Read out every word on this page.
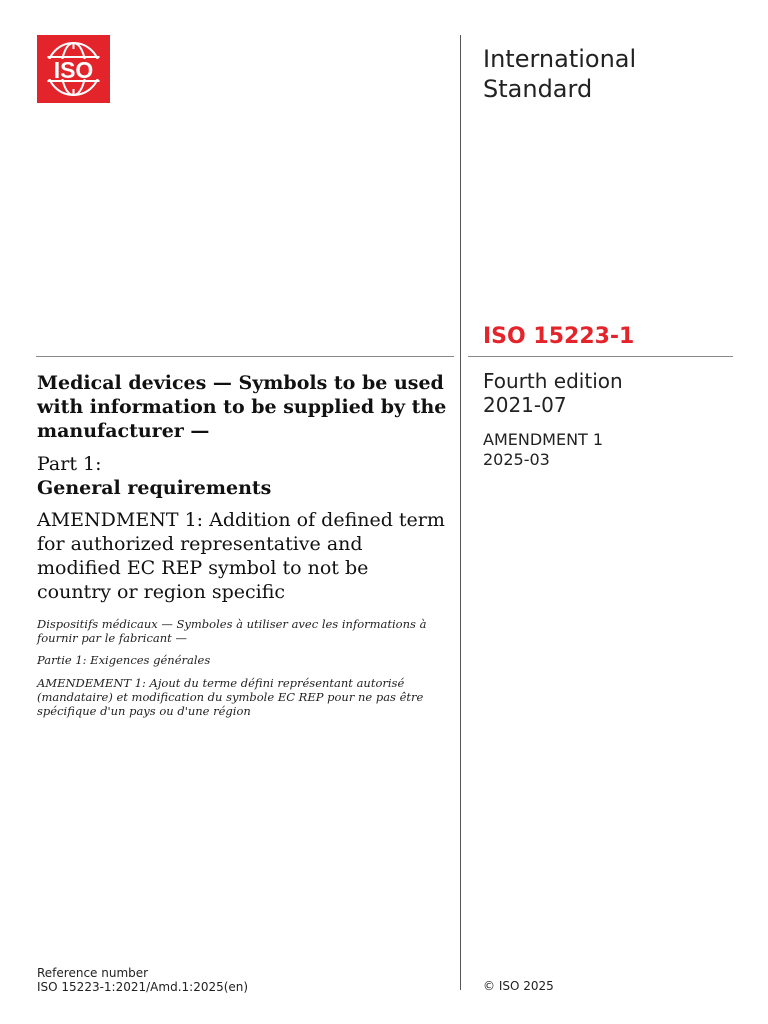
ISO	International
Standard
ISO 15223-1
Fourth edition
2021-07
AMENDMENT 1
2025-03
Medical devices — Symbols to be used with information to be supplied by the manufacturer —
Part 1:
General requirements
AMENDMENT 1: Addition of defined term for authorized representative and modified EC REP symbol to not be country or region specific
Dispositifs médicaux — Symboles à utiliser avec les informations à fournir par le fabricant —
Partie 1: Exigences générales
AMENDEMENT 1: Ajout du terme défini représentant autorisé (mandataire) et modification du symbole EC REP pour ne pas être spécifique d'un pays ou d'une région
Reference number
ISO 15223-1:2021/Amd.1:2025(en)	© ISO 2025
